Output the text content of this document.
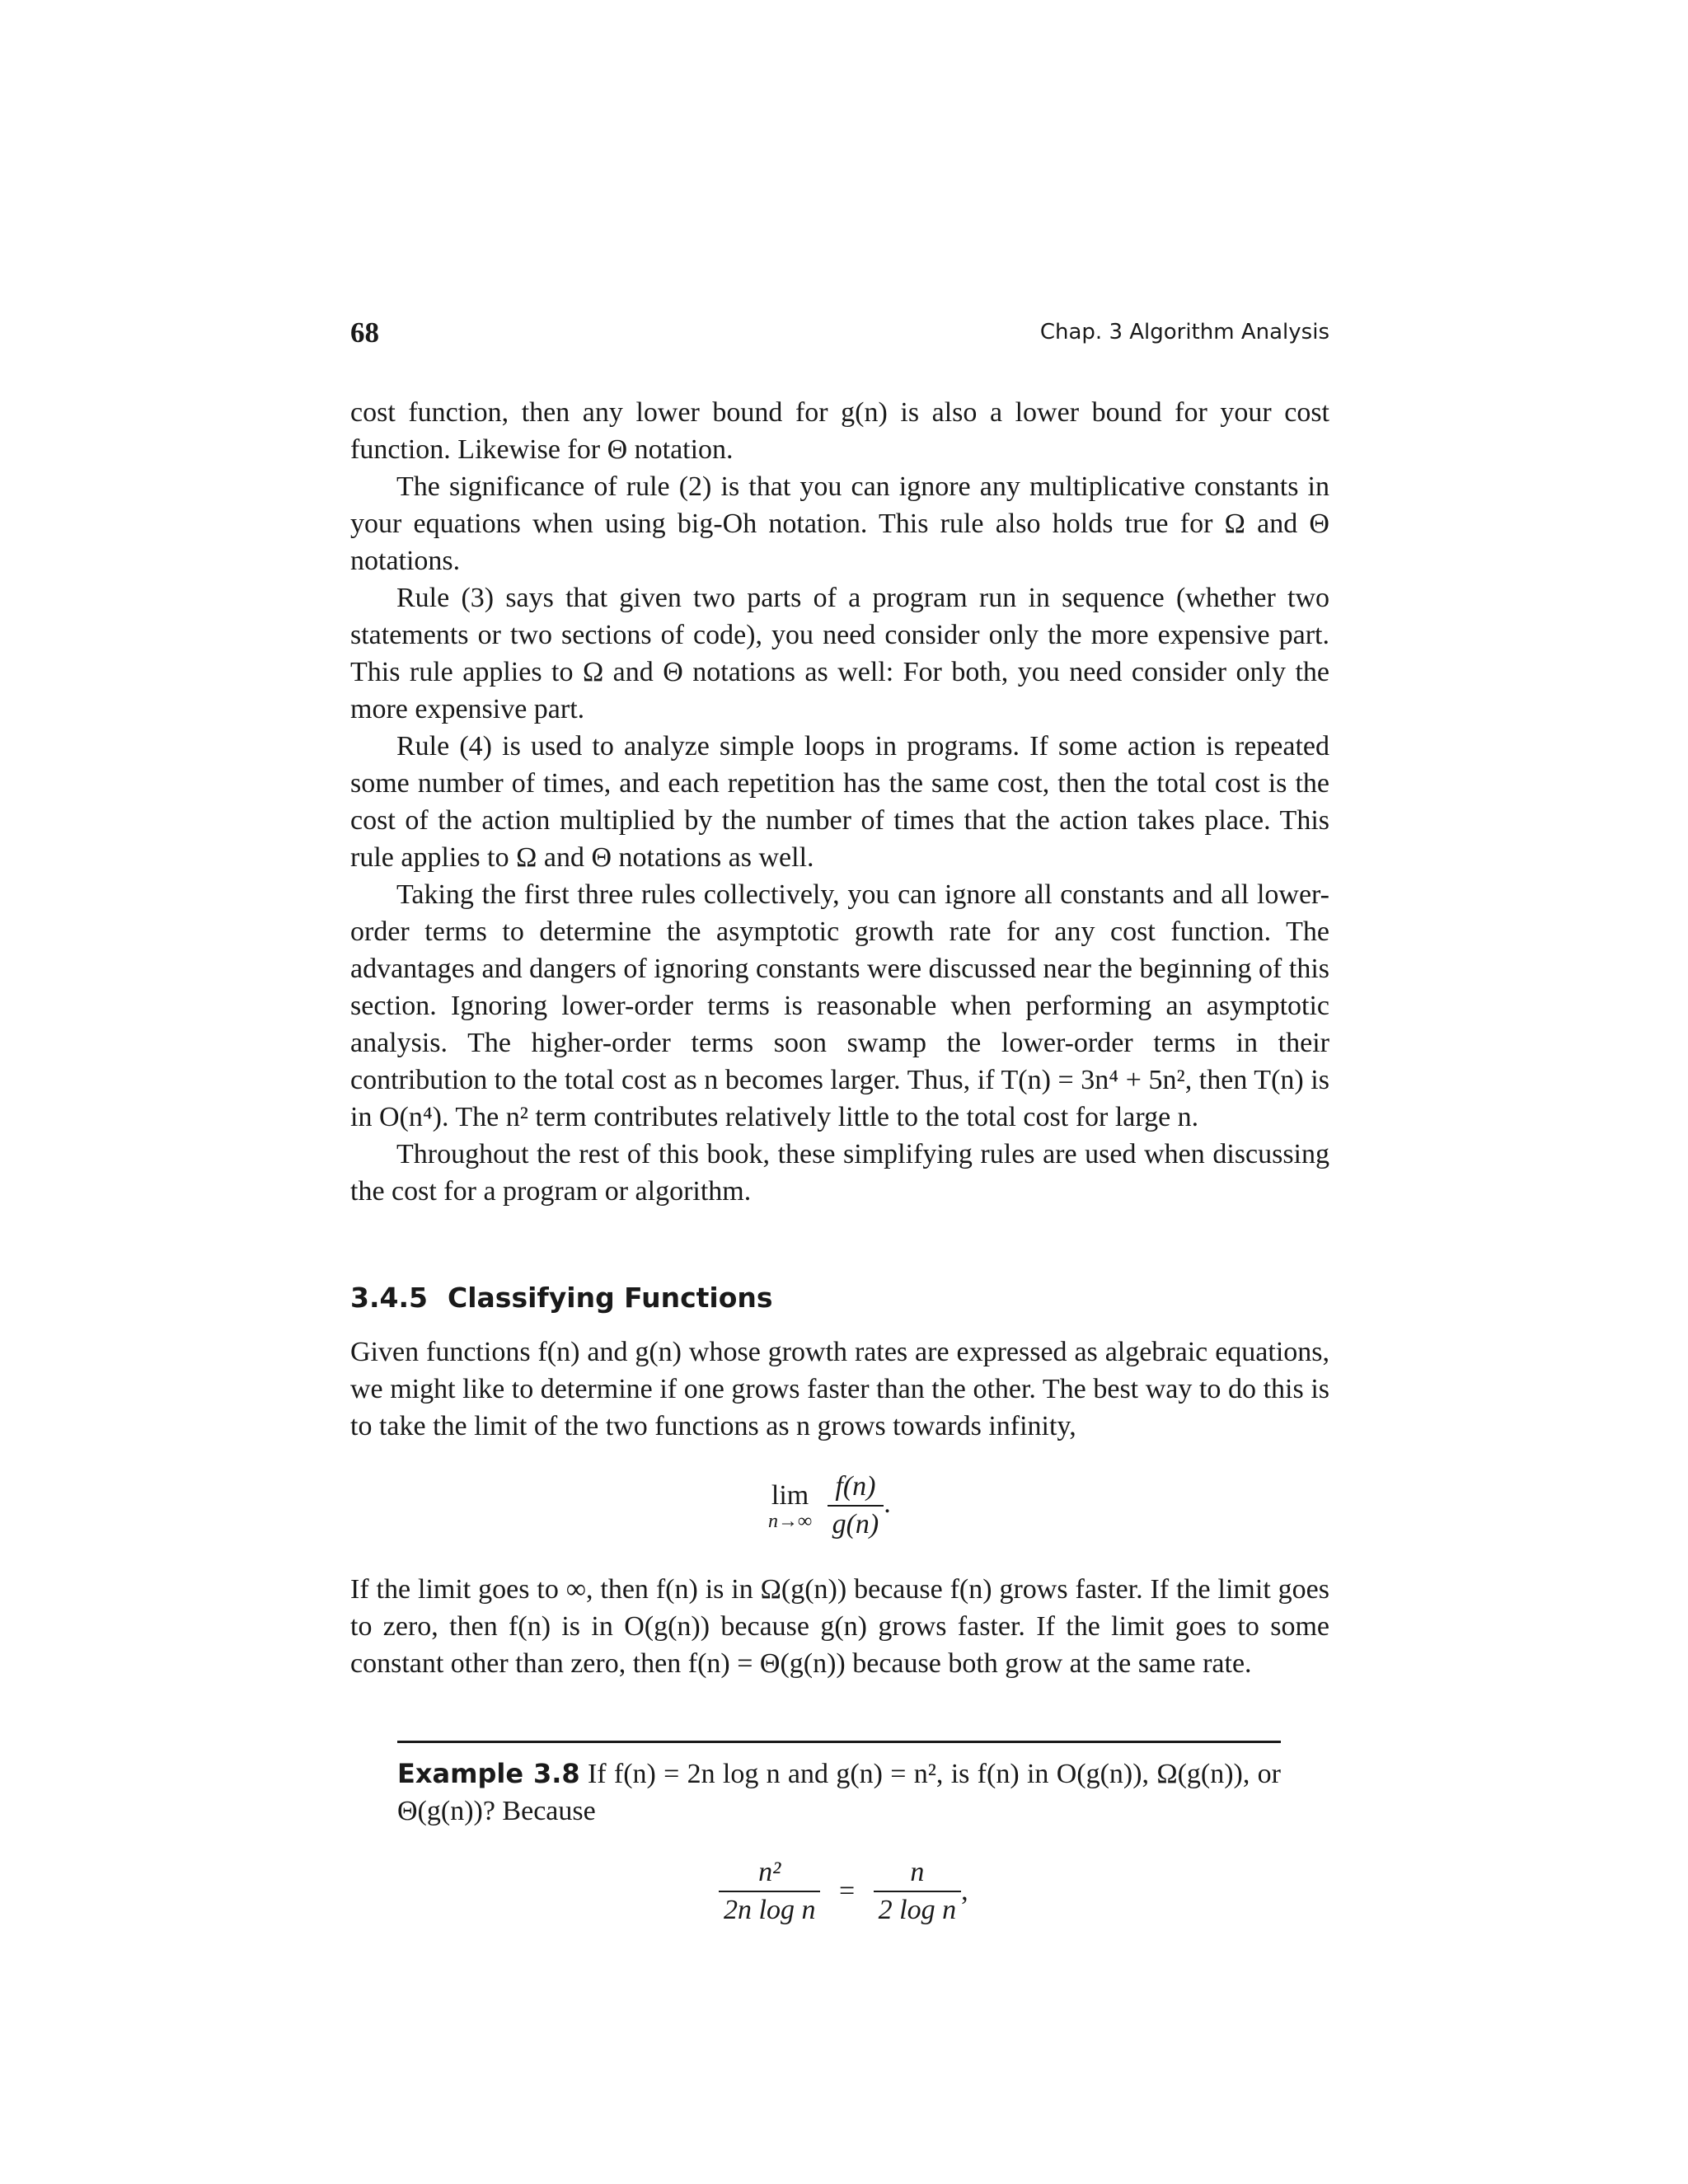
68	Chap. 3 Algorithm Analysis

cost function, then any lower bound for g(n) is also a lower bound for your cost function. Likewise for Θ notation.

The significance of rule (2) is that you can ignore any multiplicative constants in your equations when using big-Oh notation. This rule also holds true for Ω and Θ notations.

Rule (3) says that given two parts of a program run in sequence (whether two statements or two sections of code), you need consider only the more expensive part. This rule applies to Ω and Θ notations as well: For both, you need consider only the more expensive part.

Rule (4) is used to analyze simple loops in programs. If some action is repeated some number of times, and each repetition has the same cost, then the total cost is the cost of the action multiplied by the number of times that the action takes place. This rule applies to Ω and Θ notations as well.

Taking the first three rules collectively, you can ignore all constants and all lower-order terms to determine the asymptotic growth rate for any cost function. The advantages and dangers of ignoring constants were discussed near the beginning of this section. Ignoring lower-order terms is reasonable when performing an asymptotic analysis. The higher-order terms soon swamp the lower-order terms in their contribution to the total cost as n becomes larger. Thus, if T(n) = 3n⁴ + 5n², then T(n) is in O(n⁴). The n² term contributes relatively little to the total cost for large n.

Throughout the rest of this book, these simplifying rules are used when discussing the cost for a program or algorithm.

3.4.5 Classifying Functions

Given functions f(n) and g(n) whose growth rates are expressed as algebraic equations, we might like to determine if one grows faster than the other. The best way to do this is to take the limit of the two functions as n grows towards infinity,

lim
n→∞
$\frac{f(n)}{g(n)}$ .

If the limit goes to ∞, then f(n) is in Ω(g(n)) because f(n) grows faster. If the limit goes to zero, then f(n) is in O(g(n)) because g(n) grows faster. If the limit goes to some constant other than zero, then f(n) = Θ(g(n)) because both grow at the same rate.

Example 3.8 If f(n) = 2n log n and g(n) = n², is f(n) in O(g(n)), Ω(g(n)), or Θ(g(n))? Because
$\frac{\text{n²}}{\text{2n log n}} = \frac{n}{\text{2 log n}}$ ,
